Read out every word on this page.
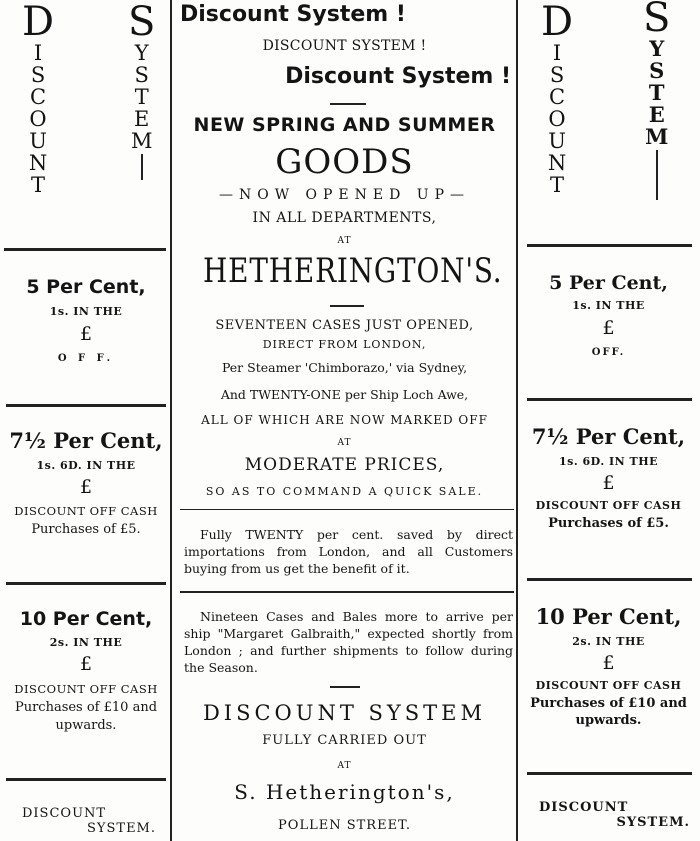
D
I
S
C
O
U
N
T
S
Y
S
T
E
M
5 Per Cent,
1s. IN THE
£
O F F.
7½ Per Cent,
1s. 6D. IN THE
£
DISCOUNT OFF CASH
Purchases of £5.
10 Per Cent,
2s. IN THE
£
DISCOUNT OFF CASH
Purchases of £10 and
upwards.
DISCOUNT
SYSTEM.
Discount System !
DISCOUNT SYSTEM !
Discount System !
NEW SPRING AND SUMMER
GOODS
—NOW OPENED UP—
IN ALL DEPARTMENTS,
AT
HETHERINGTON'S.
SEVENTEEN CASES JUST OPENED,
DIRECT FROM LONDON,
Per Steamer 'Chimborazo,' via Sydney,
And TWENTY-ONE per Ship Loch Awe,
ALL OF WHICH ARE NOW MARKED OFF
AT
MODERATE PRICES,
SO AS TO COMMAND A QUICK SALE.
Fully TWENTY per cent. saved by direct importations from London, and all Customers buying from us get the benefit of it.
Nineteen Cases and Bales more to arrive per ship "Margaret Galbraith," expected shortly from London ; and further shipments to follow during the Season.
DISCOUNT SYSTEM
FULLY CARRIED OUT
AT
S. Hetherington's,
POLLEN STREET.
D
I
S
C
O
U
N
T
S
Y
S
T
E
M
5 Per Cent,
1s. IN THE
£
OFF.
7½ Per Cent,
1s. 6D. IN THE
£
DISCOUNT OFF CASH
Purchases of £5.
10 Per Cent,
2s. IN THE
£
DISCOUNT OFF CASH
Purchases of £10 and
upwards.
DISCOUNT
SYSTEM.
